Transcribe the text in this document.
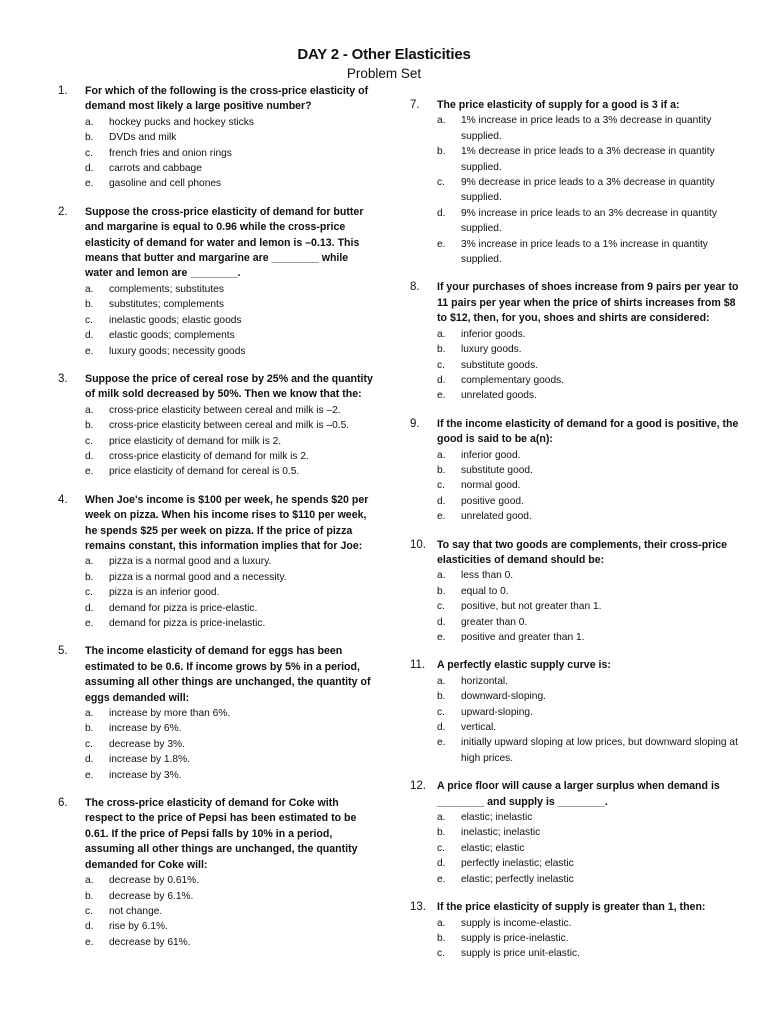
DAY 2 - Other Elasticities
Problem Set
1.	For which of the following is the cross-price elasticity of demand most likely a large positive number?
a.	hockey pucks and hockey sticks
b.	DVDs and milk
c.	french fries and onion rings
d.	carrots and cabbage
e.	gasoline and cell phones
2.	Suppose the cross-price elasticity of demand for butter and margarine is equal to 0.96 while the cross-price elasticity of demand for water and lemon is –0.13. This means that butter and margarine are ________ while water and lemon are ________.
a.	complements; substitutes
b.	substitutes; complements
c.	inelastic goods; elastic goods
d.	elastic goods; complements
e.	luxury goods; necessity goods
3.	Suppose the price of cereal rose by 25% and the quantity of milk sold decreased by 50%. Then we know that the:
a.	cross-price elasticity between cereal and milk is –2.
b.	cross-price elasticity between cereal and milk is –0.5.
c.	price elasticity of demand for milk is 2.
d.	cross-price elasticity of demand for milk is 2.
e.	price elasticity of demand for cereal is 0.5.
4.	When Joe's income is $100 per week, he spends $20 per week on pizza. When his income rises to $110 per week, he spends $25 per week on pizza. If the price of pizza remains constant, this information implies that for Joe:
a.	pizza is a normal good and a luxury.
b.	pizza is a normal good and a necessity.
c.	pizza is an inferior good.
d.	demand for pizza is price-elastic.
e.	demand for pizza is price-inelastic.
5.	The income elasticity of demand for eggs has been estimated to be 0.6. If income grows by 5% in a period, assuming all other things are unchanged, the quantity of eggs demanded will:
a.	increase by more than 6%.
b.	increase by 6%.
c.	decrease by 3%.
d.	increase by 1.8%.
e.	increase by 3%.
6.	The cross-price elasticity of demand for Coke with respect to the price of Pepsi has been estimated to be 0.61. If the price of Pepsi falls by 10% in a period, assuming all other things are unchanged, the quantity demanded for Coke will:
a.	decrease by 0.61%.
b.	decrease by 6.1%.
c.	not change.
d.	rise by 6.1%.
e.	decrease by 61%.
7.	The price elasticity of supply for a good is 3 if a:
a.	1% increase in price leads to a 3% decrease in quantity supplied.
b.	1% decrease in price leads to a 3% decrease in quantity supplied.
c.	9% decrease in price leads to a 3% decrease in quantity supplied.
d.	9% increase in price leads to an 3% decrease in quantity supplied.
e.	3% increase in price leads to a 1% increase in quantity supplied.
8.	If your purchases of shoes increase from 9 pairs per year to 11 pairs per year when the price of shirts increases from $8 to $12, then, for you, shoes and shirts are considered:
a.	inferior goods.
b.	luxury goods.
c.	substitute goods.
d.	complementary goods.
e.	unrelated goods.
9.	If the income elasticity of demand for a good is positive, the good is said to be a(n):
a.	inferior good.
b.	substitute good.
c.	normal good.
d.	positive good.
e.	unrelated good.
10.	To say that two goods are complements, their cross-price elasticities of demand should be:
a.	less than 0.
b.	equal to 0.
c.	positive, but not greater than 1.
d.	greater than 0.
e.	positive and greater than 1.
11.	A perfectly elastic supply curve is:
a.	horizontal.
b.	downward-sloping.
c.	upward-sloping.
d.	vertical.
e.	initially upward sloping at low prices, but downward sloping at high prices.
12.	A price floor will cause a larger surplus when demand is ________ and supply is ________.
a.	elastic; inelastic
b.	inelastic; inelastic
c.	elastic; elastic
d.	perfectly inelastic; elastic
e.	elastic; perfectly inelastic
13.	If the price elasticity of supply is greater than 1, then:
a.	supply is income-elastic.
b.	supply is price-inelastic.
c.	supply is price unit-elastic.
